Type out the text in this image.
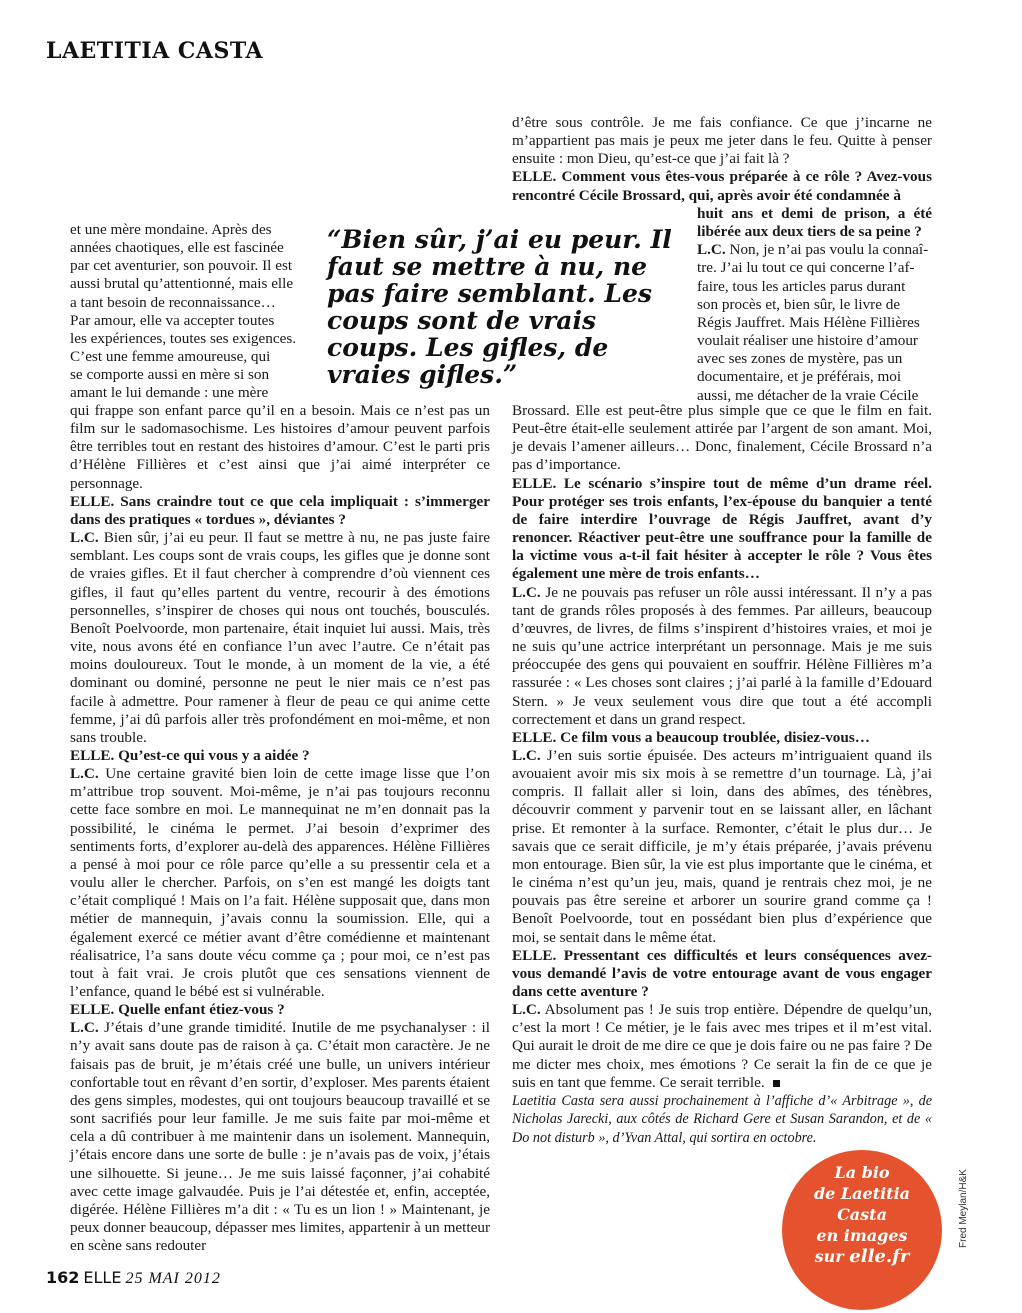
LAETITIA CASTA
“Bien sûr, j’ai eu peur. Il faut se mettre à nu, ne pas faire semblant. Les coups sont de vrais coups. Les gifles, de vraies gifles.”

et une mère mondaine. Après des

années chaotiques, elle est fascinée

par cet aventurier, son pouvoir. Il est

aussi brutal qu’attentionné, mais elle

a tant besoin de reconnaissance…

Par amour, elle va accepter toutes

les expériences, toutes ses exigences.

C’est une femme amoureuse, qui

se comporte aussi en mère si son

amant le lui demande : une mère

qui frappe son enfant parce qu’il en a besoin. Mais ce n’est pas un film sur le sadomasochisme. Les histoires d’amour peuvent parfois être terribles tout en restant des histoires d’amour. C’est le parti pris d’Hélène Fillières et c’est ainsi que j’ai aimé interpréter ce personnage.

ELLE. Sans craindre tout ce que cela impliquait : s’immerger dans des pratiques « tordues », déviantes ?

L.C. Bien sûr, j’ai eu peur. Il faut se mettre à nu, ne pas juste faire semblant. Les coups sont de vrais coups, les gifles que je donne sont de vraies gifles. Et il faut chercher à comprendre d’où viennent ces gifles, il faut qu’elles partent du ventre, recourir à des émotions personnelles, s’inspirer de choses qui nous ont touchés, bousculés. Benoît Poelvoorde, mon partenaire, était inquiet lui aussi. Mais, très vite, nous avons été en confiance l’un avec l’autre. Ce n’était pas moins douloureux. Tout le monde, à un moment de la vie, a été dominant ou dominé, personne ne peut le nier mais ce n’est pas facile à admettre. Pour ramener à fleur de peau ce qui anime cette femme, j’ai dû parfois aller très profondément en moi-même, et non sans trouble.

ELLE. Qu’est-ce qui vous y a aidée ?

L.C. Une certaine gravité bien loin de cette image lisse que l’on m’attribue trop souvent. Moi-même, je n’ai pas toujours reconnu cette face sombre en moi. Le mannequinat ne m’en donnait pas la possibilité, le cinéma le permet. J’ai besoin d’exprimer des sentiments forts, d’explorer au-delà des apparences. Hélène Fillières a pensé à moi pour ce rôle parce qu’elle a su pressentir cela et a voulu aller le chercher. Parfois, on s’en est mangé les doigts tant c’était compliqué ! Mais on l’a fait. Hélène supposait que, dans mon métier de mannequin, j’avais connu la soumission. Elle, qui a également exercé ce métier avant d’être comédienne et maintenant réalisatrice, l’a sans doute vécu comme ça ; pour moi, ce n’est pas tout à fait vrai. Je crois plutôt que ces sensations viennent de l’enfance, quand le bébé est si vulnérable.

ELLE. Quelle enfant étiez-vous ?

L.C. J’étais d’une grande timidité. Inutile de me psychanalyser : il n’y avait sans doute pas de raison à ça. C’était mon caractère. Je ne faisais pas de bruit, je m’étais créé une bulle, un univers intérieur confortable tout en rêvant d’en sortir, d’exploser. Mes parents étaient des gens simples, modestes, qui ont toujours beaucoup travaillé et se sont sacrifiés pour leur famille. Je me suis faite par moi-même et cela a dû contribuer à me maintenir dans un isolement. Mannequin, j’étais encore dans une sorte de bulle : je n’avais pas de voix, j’étais une silhouette. Si jeune… Je me suis laissé façonner, j’ai cohabité avec cette image galvaudée. Puis je l’ai détestée et, enfin, acceptée, digérée. Hélène Fillières m’a dit : « Tu es un lion ! » Maintenant, je peux donner beaucoup, dépasser mes limites, appartenir à un metteur en scène sans redouter

d’être sous contrôle. Je me fais confiance. Ce que j’incarne ne m’appartient pas mais je peux me jeter dans le feu. Quitte à penser ensuite : mon Dieu, qu’est-ce que j’ai fait là ?

ELLE. Comment vous êtes-vous préparée à ce rôle ? Avez-vous rencontré Cécile Brossard, qui, après avoir été condamnée à

huit ans et demi de prison, a été libérée aux deux tiers de sa peine ?

L.C. Non, je n’ai pas voulu la connaî-

tre. J’ai lu tout ce qui concerne l’af-

faire, tous les articles parus durant

son procès et, bien sûr, le livre de

Régis Jauffret. Mais Hélène Fillières

voulait réaliser une histoire d’amour

avec ses zones de mystère, pas un

documentaire, et je préférais, moi

aussi, me détacher de la vraie Cécile

Brossard. Elle est peut-être plus simple que ce que le film en fait. Peut-être était-elle seulement attirée par l’argent de son amant. Moi, je devais l’amener ailleurs… Donc, finalement, Cécile Brossard n’a pas d’importance.

ELLE. Le scénario s’inspire tout de même d’un drame réel. Pour protéger ses trois enfants, l’ex-épouse du banquier a tenté de faire interdire l’ouvrage de Régis Jauffret, avant d’y renoncer. Réactiver peut-être une souffrance pour la famille de la victime vous a-t-il fait hésiter à accepter le rôle ? Vous êtes également une mère de trois enfants…

L.C. Je ne pouvais pas refuser un rôle aussi intéressant. Il n’y a pas tant de grands rôles proposés à des femmes. Par ailleurs, beaucoup d’œuvres, de livres, de films s’inspirent d’histoires vraies, et moi je ne suis qu’une actrice interprétant un personnage. Mais je me suis préoccupée des gens qui pouvaient en souffrir. Hélène Fillières m’a rassurée : « Les choses sont claires ; j’ai parlé à la famille d’Edouard Stern. » Je veux seulement vous dire que tout a été accompli correctement et dans un grand respect.

ELLE. Ce film vous a beaucoup troublée, disiez-vous…

L.C. J’en suis sortie épuisée. Des acteurs m’intriguaient quand ils avouaient avoir mis six mois à se remettre d’un tournage. Là, j’ai compris. Il fallait aller si loin, dans des abîmes, des ténèbres, découvrir comment y parvenir tout en se laissant aller, en lâchant prise. Et remonter à la surface. Remonter, c’était le plus dur… Je savais que ce serait difficile, je m’y étais préparée, j’avais prévenu mon entourage. Bien sûr, la vie est plus importante que le cinéma, et le cinéma n’est qu’un jeu, mais, quand je rentrais chez moi, je ne pouvais pas être sereine et arborer un sourire grand comme ça ! Benoît Poelvoorde, tout en possédant bien plus d’expérience que moi, se sentait dans le même état.

ELLE. Pressentant ces difficultés et leurs conséquences avez-vous demandé l’avis de votre entourage avant de vous engager dans cette aventure ?

L.C. Absolument pas ! Je suis trop entière. Dépendre de quelqu’un, c’est la mort ! Ce métier, je le fais avec mes tripes et il m’est vital. Qui aurait le droit de me dire ce que je dois faire ou ne pas faire ? De me dicter mes choix, mes émotions ? Ce serait la fin de ce que je suis en tant que femme. Ce serait terrible.

Laetitia Casta sera aussi prochainement à l’affiche d’« Arbitrage », de Nicholas Jarecki, aux côtés de Richard Gere et Susan Sarandon, et de « Do not disturb », d’Yvan Attal, qui sortira en octobre.

La bio
de Laetitia
Casta
en images
sur elle.fr
Fred Meylan/H&K
162 ELLE 25 MAI 2012
